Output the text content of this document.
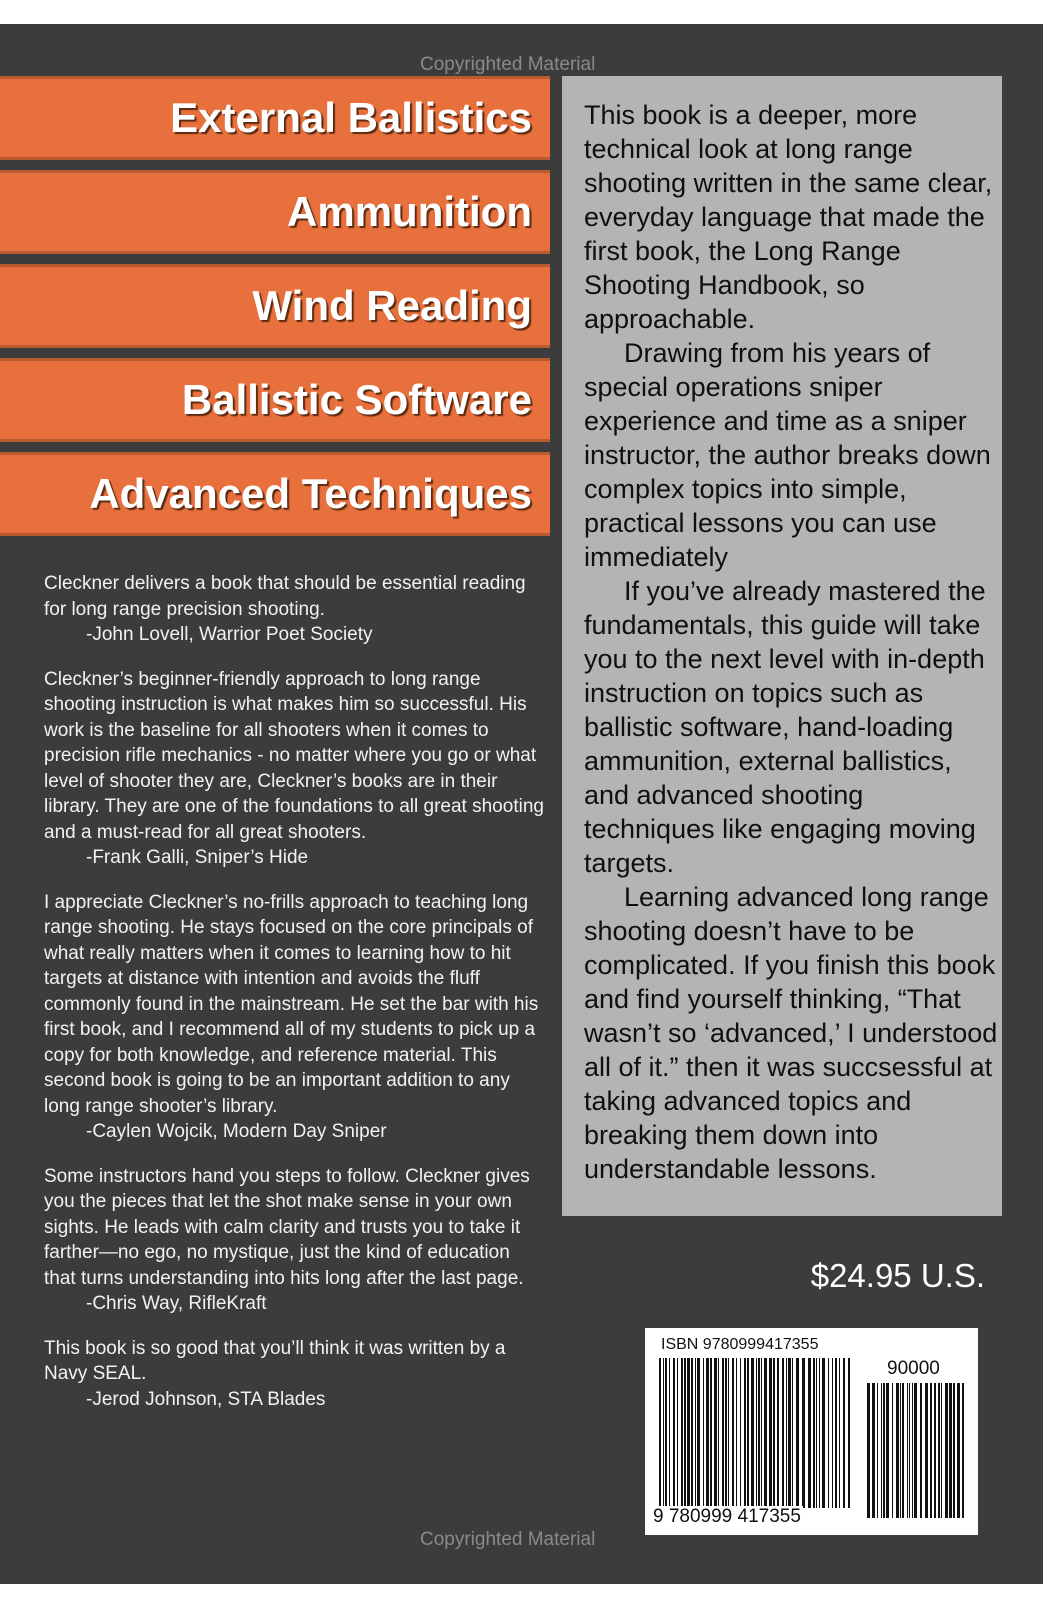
Copyrighted Material
External Ballistics
Ammunition
Wind Reading
Ballistic Software
Advanced Techniques

This book is a deeper, more technical look at long range shooting written in the same clear, everyday language that made the first book, the Long Range Shooting Handbook, so approachable.

Drawing from his years of special operations sniper experience and time as a sniper instructor, the author breaks down complex topics into simple, practical lessons you can use immediately

If you’ve already mastered the fundamentals, this guide will take you to the next level with in-depth instruction on topics such as ballistic software, hand-loading ammunition, external ballistics, and advanced shooting techniques like engaging moving targets.

Learning advanced long range shooting doesn’t have to be complicated. If you finish this book and find yourself thinking, “That wasn’t so ‘advanced,’ I understood all of it.” then it was succsessful at taking advanced topics and breaking them down into understandable lessons.

Cleckner delivers a book that should be essential reading for long range precision shooting.
-John Lovell, Warrior Poet Society
Cleckner’s beginner-friendly approach to long range shooting instruction is what makes him so successful. His work is the baseline for all shooters when it comes to precision rifle mechanics - no matter where you go or what level of shooter they are, Cleckner’s books are in their library. They are one of the foundations to all great shooting and a must-read for all great shooters.
-Frank Galli, Sniper’s Hide
I appreciate Cleckner’s no-frills approach to teaching long range shooting. He stays focused on the core principals of what really matters when it comes to learning how to hit targets at distance with intention and avoids the fluff commonly found in the mainstream. He set the bar with his first book, and I recommend all of my students to pick up a copy for both knowledge, and reference material. This second book is going to be an important addition to any long range shooter’s library.
-Caylen Wojcik, Modern Day Sniper
Some instructors hand you steps to follow. Cleckner gives you the pieces that let the shot make sense in your own sights. He leads with calm clarity and trusts you to take it farther—no ego, no mystique, just the kind of education that turns understanding into hits long after the last page.
-Chris Way, RifleKraft
This book is so good that you’ll think it was written by a Navy SEAL.
-Jerod Johnson, STA Blades
$24.95 U.S.
ISBN 9780999417355
90000
9 780999 417355
Copyrighted Material
